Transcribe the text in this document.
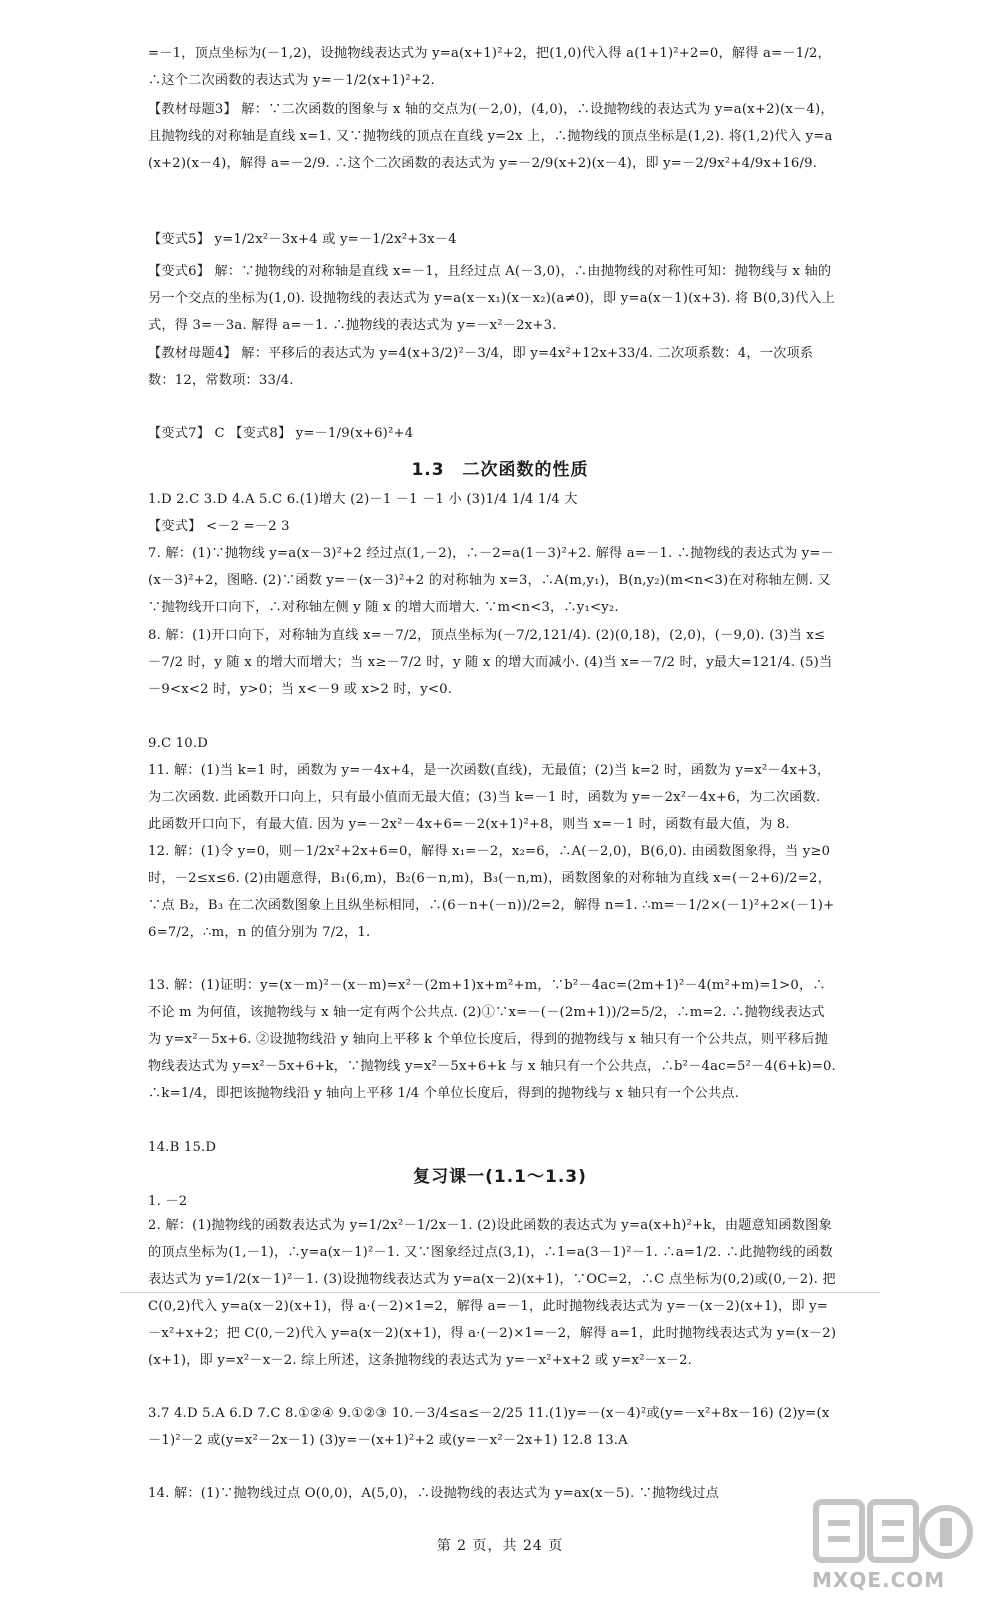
=－1，顶点坐标为(－1,2)，设抛物线表达式为 y=a(x+1)²+2，把(1,0)代入得 a(1+1)²+2=0，解得 a=－1/2，∴这个二次函数的表达式为 y=－1/2(x+1)²+2.
【教材母题3】 解：∵二次函数的图象与 x 轴的交点为(－2,0)，(4,0)，∴设抛物线的表达式为 y=a(x+2)(x－4)，且抛物线的对称轴是直线 x=1. 又∵抛物线的顶点在直线 y=2x 上，∴抛物线的顶点坐标是(1,2). 将(1,2)代入 y=a(x+2)(x－4)，解得 a=－2/9. ∴这个二次函数的表达式为 y=－2/9(x+2)(x－4)，即 y=－2/9x²+4/9x+16/9.
【变式5】 y=1/2x²－3x+4 或 y=－1/2x²+3x－4
【变式6】 解：∵抛物线的对称轴是直线 x=－1，且经过点 A(－3,0)，∴由抛物线的对称性可知：抛物线与 x 轴的另一个交点的坐标为(1,0). 设抛物线的表达式为 y=a(x－x₁)(x－x₂)(a≠0)，即 y=a(x－1)(x+3). 将 B(0,3)代入上式，得 3=－3a. 解得 a=－1. ∴抛物线的表达式为 y=－x²－2x+3.
【教材母题4】 解：平移后的表达式为 y=4(x+3/2)²－3/4，即 y=4x²+12x+33/4. 二次项系数：4，一次项系数：12，常数项：33/4.
【变式7】 C 【变式8】 y=－1/9(x+6)²+4
1.3　二次函数的性质
1.D 2.C 3.D 4.A 5.C 6.(1)增大 (2)－1 －1 －1 小 (3)1/4 1/4 1/4 大
【变式】 <－2 =－2 3
7. 解：(1)∵抛物线 y=a(x－3)²+2 经过点(1,－2)，∴－2=a(1－3)²+2. 解得 a=－1. ∴抛物线的表达式为 y=－(x－3)²+2，图略. (2)∵函数 y=－(x－3)²+2 的对称轴为 x=3，∴A(m,y₁)，B(n,y₂)(m<n<3)在对称轴左侧. 又∵抛物线开口向下，∴对称轴左侧 y 随 x 的增大而增大. ∵m<n<3，∴y₁<y₂.
8. 解：(1)开口向下，对称轴为直线 x=－7/2，顶点坐标为(－7/2,121/4). (2)(0,18)，(2,0)，(－9,0). (3)当 x≤－7/2 时，y 随 x 的增大而增大；当 x≥－7/2 时，y 随 x 的增大而减小. (4)当 x=－7/2 时，y最大=121/4. (5)当－9<x<2 时，y>0；当 x<－9 或 x>2 时，y<0.
9.C 10.D
11. 解：(1)当 k=1 时，函数为 y=－4x+4，是一次函数(直线)，无最值；(2)当 k=2 时，函数为 y=x²－4x+3，为二次函数. 此函数开口向上，只有最小值而无最大值；(3)当 k=－1 时，函数为 y=－2x²－4x+6，为二次函数. 此函数开口向下，有最大值. 因为 y=－2x²－4x+6=－2(x+1)²+8，则当 x=－1 时，函数有最大值，为 8.
12. 解：(1)令 y=0，则－1/2x²+2x+6=0，解得 x₁=－2，x₂=6，∴A(－2,0)，B(6,0). 由函数图象得，当 y≥0 时，－2≤x≤6. (2)由题意得，B₁(6,m)，B₂(6－n,m)，B₃(－n,m)，函数图象的对称轴为直线 x=(－2+6)/2=2，∵点 B₂，B₃ 在二次函数图象上且纵坐标相同，∴(6－n+(－n))/2=2，解得 n=1. ∴m=－1/2×(－1)²+2×(－1)+6=7/2，∴m，n 的值分别为 7/2，1.
13. 解：(1)证明：y=(x－m)²－(x－m)=x²－(2m+1)x+m²+m，∵b²－4ac=(2m+1)²－4(m²+m)=1>0，∴不论 m 为何值，该抛物线与 x 轴一定有两个公共点. (2)①∵x=－(－(2m+1))/2=5/2，∴m=2. ∴抛物线表达式为 y=x²－5x+6. ②设抛物线沿 y 轴向上平移 k 个单位长度后，得到的抛物线与 x 轴只有一个公共点，则平移后抛物线表达式为 y=x²－5x+6+k，∵抛物线 y=x²－5x+6+k 与 x 轴只有一个公共点，∴b²－4ac=5²－4(6+k)=0. ∴k=1/4，即把该抛物线沿 y 轴向上平移 1/4 个单位长度后，得到的抛物线与 x 轴只有一个公共点.
14.B 15.D
复习课一(1.1～1.3)
1. －2
2. 解：(1)抛物线的函数表达式为 y=1/2x²－1/2x－1. (2)设此函数的表达式为 y=a(x+h)²+k，由题意知函数图象的顶点坐标为(1,－1)，∴y=a(x－1)²－1. 又∵图象经过点(3,1)，∴1=a(3－1)²－1. ∴a=1/2. ∴此抛物线的函数表达式为 y=1/2(x－1)²－1. (3)设抛物线表达式为 y=a(x－2)(x+1)，∵OC=2，∴C 点坐标为(0,2)或(0,－2). 把 C(0,2)代入 y=a(x－2)(x+1)，得 a·(－2)×1=2，解得 a=－1，此时抛物线表达式为 y=－(x－2)(x+1)，即 y=－x²+x+2；把 C(0,－2)代入 y=a(x－2)(x+1)，得 a·(－2)×1=－2，解得 a=1，此时抛物线表达式为 y=(x－2)(x+1)，即 y=x²－x－2. 综上所述，这条抛物线的表达式为 y=－x²+x+2 或 y=x²－x－2.
3.7 4.D 5.A 6.D 7.C 8.①②④ 9.①②③ 10.－3/4≤a≤－2/25 11.(1)y=－(x－4)²或(y=－x²+8x－16) (2)y=(x－1)²－2 或(y=x²－2x－1) (3)y=－(x+1)²+2 或(y=－x²－2x+1) 12.8 13.A
14. 解：(1)∵抛物线过点 O(0,0)，A(5,0)，∴设抛物线的表达式为 y=ax(x－5). ∵抛物线过点
第 2 页，共 24 页
MXQE.COM
